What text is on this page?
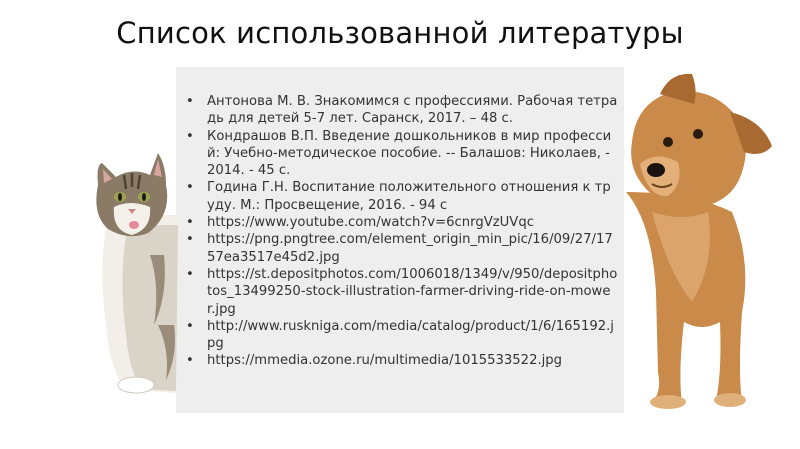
Список использованной литературы
• Антонова М. В. Знакомимся с профессиями. Рабочая тетрадь для детей 5-7 лет. Саранск, 2017. – 48 с.
• Кондрашов В.П. Введение дошкольников в мир профессий: Учебно-методическое пособие. -- Балашов: Николаев, - 2014. - 45 с.
• Година Г.Н. Воспитание положительного отношения к труду. М.: Просвещение, 2016. - 94 с
• https://www.youtube.com/watch?v=6cnrgVzUVqc
• https://png.pngtree.com/element_origin_min_pic/16/09/27/1757ea3517e45d2.jpg
• https://st.depositphotos.com/1006018/1349/v/950/depositphotos_13499250-stock-illustration-farmer-driving-ride-on-mower.jpg
• http://www.ruskniga.com/media/catalog/product/1/6/165192.jpg
• https://mmedia.ozone.ru/multimedia/1015533522.jpg
